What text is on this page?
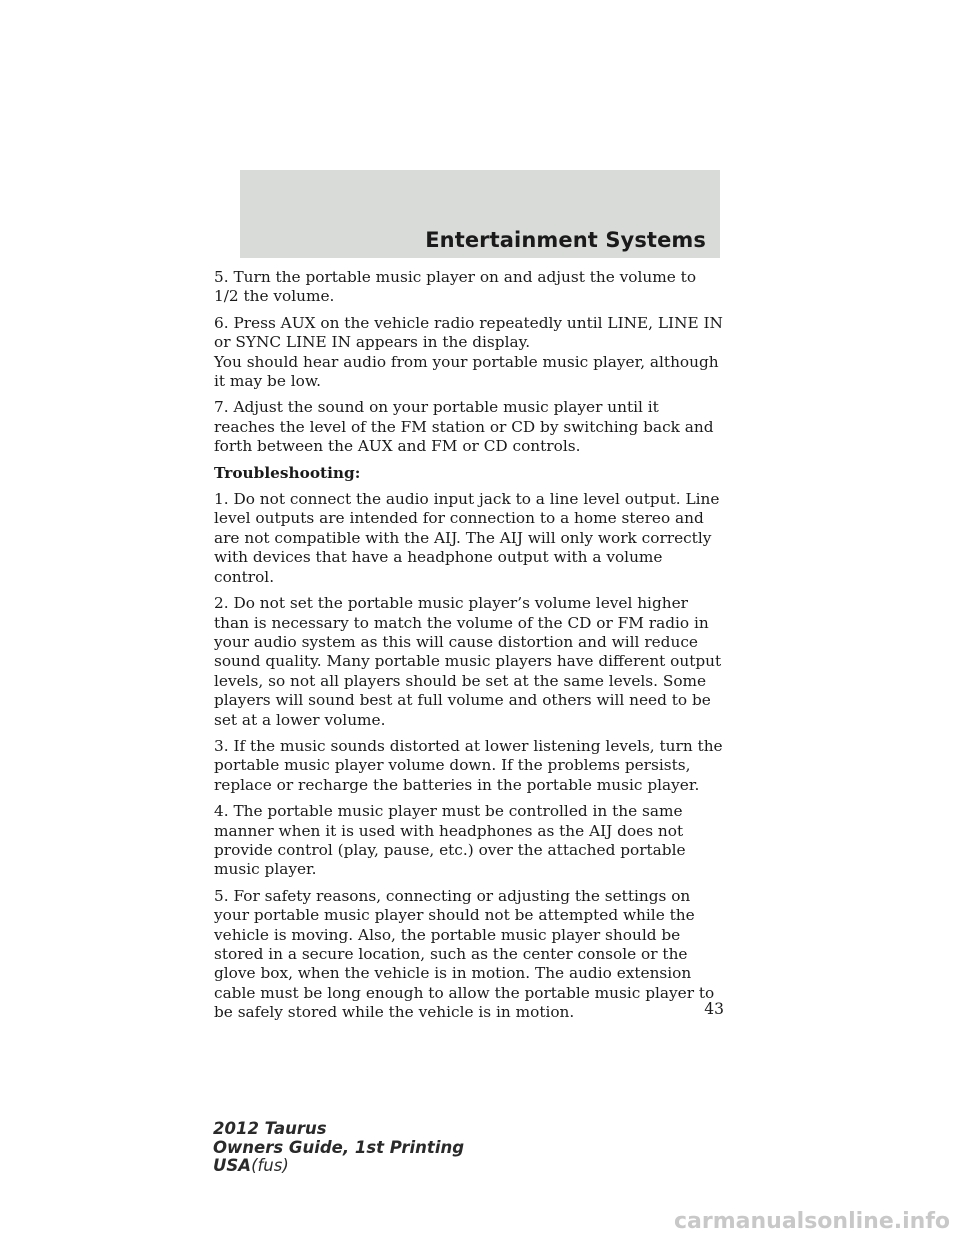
Entertainment Systems

5. Turn the portable music player on and adjust the volume to 1/2 the volume.

6. Press AUX on the vehicle radio repeatedly until LINE, LINE IN or SYNC LINE IN appears in the display.

You should hear audio from your portable music player, although it may be low.

7. Adjust the sound on your portable music player until it reaches the level of the FM station or CD by switching back and forth between the AUX and FM or CD controls.

Troubleshooting:

1. Do not connect the audio input jack to a line level output. Line level outputs are intended for connection to a home stereo and are not compatible with the AIJ. The AIJ will only work correctly with devices that have a headphone output with a volume control.

2. Do not set the portable music player’s volume level higher than is necessary to match the volume of the CD or FM radio in your audio system as this will cause distortion and will reduce sound quality. Many portable music players have different output levels, so not all players should be set at the same levels. Some players will sound best at full volume and others will need to be set at a lower volume.

3. If the music sounds distorted at lower listening levels, turn the portable music player volume down. If the problems persists, replace or recharge the batteries in the portable music player.

4. The portable music player must be controlled in the same manner when it is used with headphones as the AIJ does not provide control (play, pause, etc.) over the attached portable music player.

5. For safety reasons, connecting or adjusting the settings on your portable music player should not be attempted while the vehicle is moving. Also, the portable music player should be stored in a secure location, such as the center console or the glove box, when the vehicle is in motion. The audio extension cable must be long enough to allow the portable music player to be safely stored while the vehicle is in motion.	43
2012 Taurus
Owners Guide, 1st Printing
USA(fus)
carmanualsonline.info
